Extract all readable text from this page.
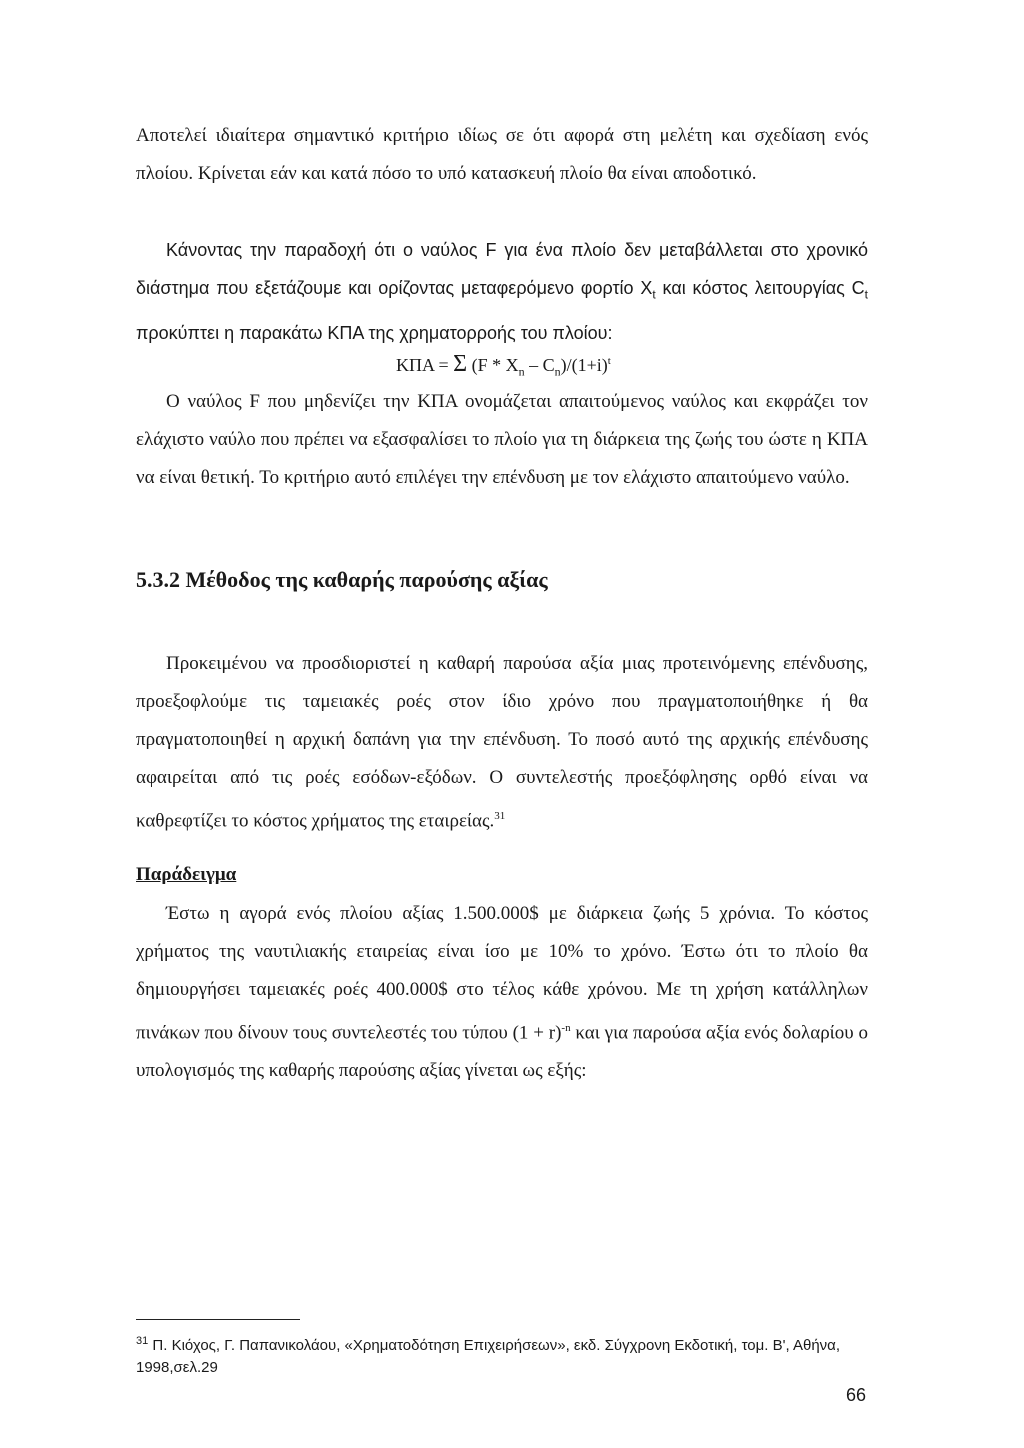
Αποτελεί ιδιαίτερα σημαντικό κριτήριο ιδίως σε ότι αφορά στη μελέτη και σχεδίαση ενός πλοίου. Κρίνεται εάν και κατά πόσο το υπό κατασκευή πλοίο θα είναι αποδοτικό.

Κάνοντας την παραδοχή ότι ο ναύλος F για ένα πλοίο δεν μεταβάλλεται στο χρονικό διάστημα που εξετάζουμε και ορίζοντας μεταφερόμενο φορτίο $X_t$ και κόστος λειτουργίας $C_t$ προκύπτει η παρακάτω ΚΠΑ της χρηματορροής του πλοίου:

ΚΠΑ = Σ $(F * X_n - C_n)/(1+i)^t$

Ο ναύλος F που μηδενίζει την ΚΠΑ ονομάζεται απαιτούμενος ναύλος και εκφράζει τον ελάχιστο ναύλο που πρέπει να εξασφαλίσει το πλοίο για τη διάρκεια της ζωής του ώστε η ΚΠΑ να είναι θετική. Το κριτήριο αυτό επιλέγει την επένδυση με τον ελάχιστο απαιτούμενο ναύλο.

5.3.2 Μέθοδος της καθαρής παρούσης αξίας

Προκειμένου να προσδιοριστεί η καθαρή παρούσα αξία μιας προτεινόμενης επένδυσης, προεξοφλούμε τις ταμειακές ροές στον ίδιο χρόνο που πραγματοποιήθηκε ή θα πραγματοποιηθεί η αρχική δαπάνη για την επένδυση. Το ποσό αυτό της αρχικής επένδυσης αφαιρείται από τις ροές εσόδων-εξόδων. Ο συντελεστής προεξόφλησης ορθό είναι να καθρεφτίζει το κόστος χρήματος της εταιρείας.$^{31}$

Παράδειγμα

Έστω η αγορά ενός πλοίου αξίας 1.500.000$ με διάρκεια ζωής 5 χρόνια. Το κόστος χρήματος της ναυτιλιακής εταιρείας είναι ίσο με 10% το χρόνο. Έστω ότι το πλοίο θα δημιουργήσει ταμειακές ροές 400.000$ στο τέλος κάθε χρόνου. Με τη χρήση κατάλληλων πινάκων που δίνουν τους συντελεστές του τύπου $(1 + r)^{-n}$ και για παρούσα αξία ενός δολαρίου ο υπολογισμός της καθαρής παρούσης αξίας γίνεται ως εξής:

$^{31}$ Π. Κιόχος, Γ. Παπανικολάου, «Χρηματοδότηση Επιχειρήσεων», εκδ. Σύγχρονη Εκδοτική, τομ. Β', Αθήνα, 1998,σελ.29

66
